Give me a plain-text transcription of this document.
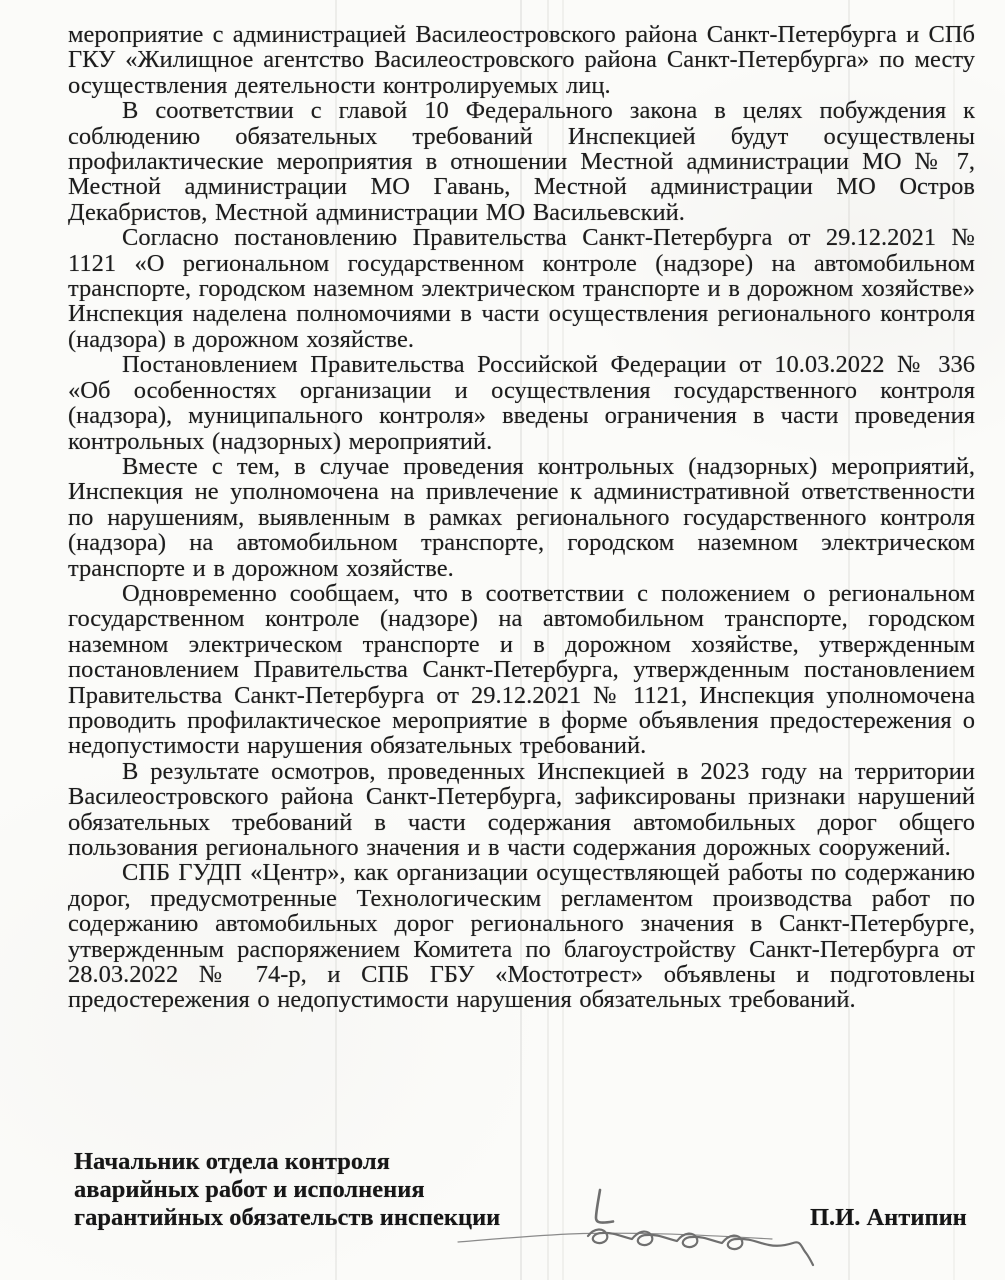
мероприятие с администрацией Василеостровского района Санкт-Петербурга и СПб ГКУ «Жилищное агентство Василеостровского района Санкт-Петербурга» по месту осуществления деятельности контролируемых лиц.

В соответствии с главой 10 Федерального закона в целях побуждения к соблюдению обязательных требований Инспекцией будут осуществлены профилактические мероприятия в отношении Местной администрации МО № 7, Местной администрации МО Гавань, Местной администрации МО Остров Декабристов, Местной администрации МО Васильевский.

Согласно постановлению Правительства Санкт-Петербурга от 29.12.2021 № 1121 «О региональном государственном контроле (надзоре) на автомобильном транспорте, городском наземном электрическом транспорте и в дорожном хозяйстве» Инспекция наделена полномочиями в части осуществления регионального контроля (надзора) в дорожном хозяйстве.

Постановлением Правительства Российской Федерации от 10.03.2022 № 336 «Об особенностях организации и осуществления государственного контроля (надзора), муниципального контроля» введены ограничения в части проведения контрольных (надзорных) мероприятий.

Вместе с тем, в случае проведения контрольных (надзорных) мероприятий, Инспекция не уполномочена на привлечение к административной ответственности по нарушениям, выявленным в рамках регионального государственного контроля (надзора) на автомобильном транспорте, городском наземном электрическом транспорте и в дорожном хозяйстве.

Одновременно сообщаем, что в соответствии с положением о региональном государственном контроле (надзоре) на автомобильном транспорте, городском наземном электрическом транспорте и в дорожном хозяйстве, утвержденным постановлением Правительства Санкт-Петербурга, утвержденным постановлением Правительства Санкт-Петербурга от 29.12.2021 № 1121, Инспекция уполномочена проводить профилактическое мероприятие в форме объявления предостережения о недопустимости нарушения обязательных требований.

В результате осмотров, проведенных Инспекцией в 2023 году на территории Василеостровского района Санкт-Петербурга, зафиксированы признаки нарушений обязательных требований в части содержания автомобильных дорог общего пользования регионального значения и в части содержания дорожных сооружений.

СПБ ГУДП «Центр», как организации осуществляющей работы по содержанию дорог, предусмотренные Технологическим регламентом производства работ по содержанию автомобильных дорог регионального значения в Санкт-Петербурге, утвержденным распоряжением Комитета по благоустройству Санкт-Петербурга от 28.03.2022 № 74-р, и СПБ ГБУ «Мостотрест» объявлены и подготовлены предостережения о недопустимости нарушения обязательных требований.

Начальник отдела контроля
аварийных работ и исполнения
гарантийных обязательств инспекции	П.И. Антипин
